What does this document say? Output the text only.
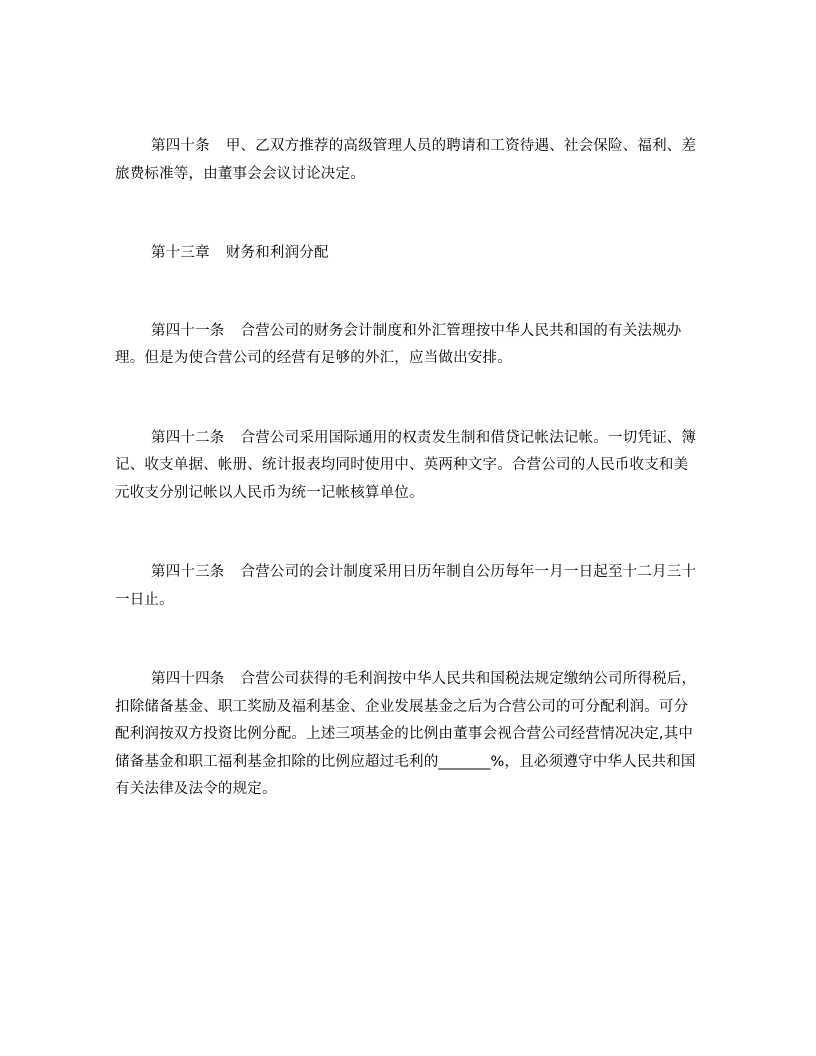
第四十条 甲、乙双方推荐的高级管理人员的聘请和工资待遇、社会保险、福利、差旅费标准等，由董事会会议讨论决定。

第十三章 财务和利润分配

第四十一条 合营公司的财务会计制度和外汇管理按中华人民共和国的有关法规办理。但是为使合营公司的经营有足够的外汇，应当做出安排。

第四十二条 合营公司采用国际通用的权责发生制和借贷记帐法记帐。一切凭证、簿记、收支单据、帐册、统计报表均同时使用中、英两种文字。合营公司的人民币收支和美元收支分别记帐以人民币为统一记帐核算单位。

第四十三条 合营公司的会计制度采用日历年制自公历每年一月一日起至十二月三十一日止。

第四十四条 合营公司获得的毛利润按中华人民共和国税法规定缴纳公司所得税后，扣除储备基金、职工奖励及福利基金、企业发展基金之后为合营公司的可分配利润。可分配利润按双方投资比例分配。上述三项基金的比例由董事会视合营公司经营情况决定,其中储备基金和职工福利基金扣除的比例应超过毛利的_______%，且必须遵守中华人民共和国有关法律及法令的规定。
